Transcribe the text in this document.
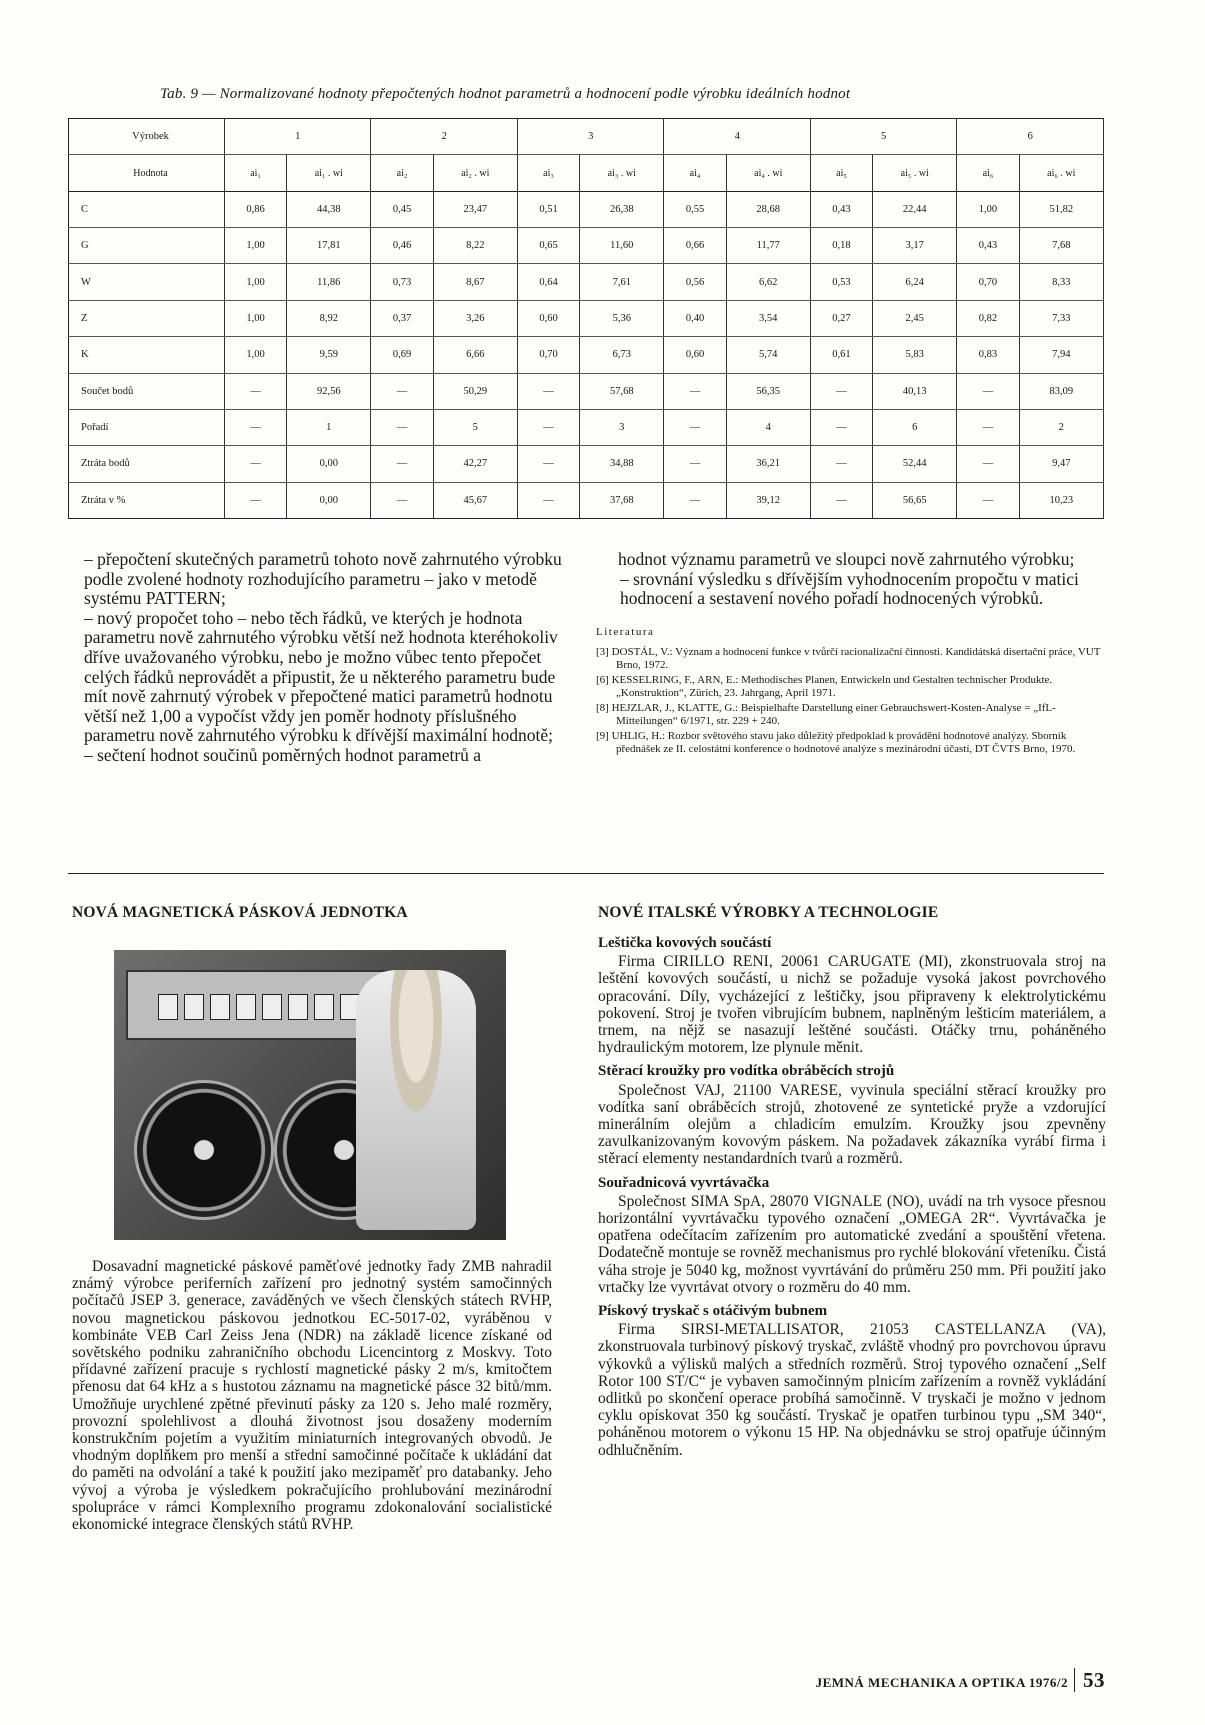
Tab. 9 — Normalizované hodnoty přepočtených hodnot parametrů a hodnocení podle výrobku ideálních hodnot
Výrobek	1		2		3		4		5		6	
Hodnota	ai₁	ai₁ . wi	ai₂	ai₂ . wi	ai₃	ai₃ . wi	ai₄	ai₄ . wi	ai₅	ai₅ . wi	ai₆	ai₆ . wi
C	0,86	44,38	0,45	23,47	0,51	26,38	0,55	28,68	0,43	22,44	1,00	51,82
G	1,00	17,81	0,46	8,22	0,65	11,60	0,66	11,77	0,18	3,17	0,43	7,68
W	1,00	11,86	0,73	8,67	0,64	7,61	0,56	6,62	0,53	6,24	0,70	8,33
Z	1,00	8,92	0,37	3,26	0,60	5,36	0,40	3,54	0,27	2,45	0,82	7,33
K	1,00	9,59	0,69	6,66	0,70	6,73	0,60	5,74	0,61	5,83	0,83	7,94
Součet bodů	—	92,56	—	50,29	—	57,68	—	56,35	—	40,13	—	83,09
Pořadí	—	1	—	5	—	3	—	4	—	6	—	2
Ztráta bodů	—	0,00	—	42,27	—	34,88	—	36,21	—	52,44	—	9,47
Ztráta v %	—	0,00	—	45,67	—	37,68	—	39,12	—	56,65	—	10,23

– přepočtení skutečných parametrů tohoto nově zahrnutého výrobku podle zvolené hodnoty rozhodujícího parametru – jako v metodě systému PATTERN;

– nový propočet toho – nebo těch řádků, ve kterých je hodnota parametru nově zahrnutého výrobku větší než hodnota kteréhokoliv dříve uvažovaného výrobku, nebo je možno vůbec tento přepočet celých řádků neprovádět a připustit, že u některého parametru bude mít nově zahrnutý výrobek v přepočtené matici parametrů hodnotu větší než 1,00 a vypočíst vždy jen poměr hodnoty příslušného parametru nově zahrnutého výrobku k dřívější maximální hodnotě;

– sečtení hodnot součinů poměrných hodnot parametrů a

hodnot významu parametrů ve sloupci nově zahrnutého výrobku;

– srovnání výsledku s dřívějším vyhodnocením propočtu v matici hodnocení a sestavení nového pořadí hodnocených výrobků.

Literatura
[3] DOSTÁL, V.: Význam a hodnocení funkce v tvůrčí racionalizační činnosti. Kandidátská disertační práce, VUT Brno, 1972.
[6] KESSELRING, F., ARN, E.: Methodisches Planen, Entwickeln und Gestalten technischer Produkte. „Konstruktion“, Zürich, 23. Jahrgang, April 1971.
[8] HEJZLAR, J., KLATTE, G.: Beispielhafte Darstellung einer Gebrauchswert-Kosten-Analyse = „IfL-Mitteilungen“ 6/1971, str. 229 + 240.
[9] UHLIG, H.: Rozbor světového stavu jako důležitý předpoklad k provádění hodnotové analýzy. Sborník přednášek ze II. celostátní konference o hodnotové analýze s mezinárodní účastí, DT ČVTS Brno, 1970.
NOVÁ MAGNETICKÁ PÁSKOVÁ JEDNOTKA

Dosavadní magnetické páskové paměťové jednotky řady ZMB nahradil známý výrobce periferních zařízení pro jednotný systém samočinných počítačů JSEP 3. generace, zaváděných ve všech členských státech RVHP, novou magnetickou páskovou jednotkou EC-5017-02, vyráběnou v kombináte VEB Carl Zeiss Jena (NDR) na základě licence získané od sovětského podniku zahraničního obchodu Licencintorg z Moskvy. Toto přídavné zařízení pracuje s rychlostí magnetické pásky 2 m/s, kmitočtem přenosu dat 64 kHz a s hustotou záznamu na magnetické pásce 32 bitů/mm. Umožňuje urychlené zpětné převinutí pásky za 120 s. Jeho malé rozměry, provozní spolehlivost a dlouhá životnost jsou dosaženy moderním konstrukčním pojetím a využitím miniaturních integrovaných obvodů. Je vhodným doplňkem pro menší a střední samočinné počítače k ukládání dat do paměti na odvolání a také k použití jako mezipaměť pro databanky. Jeho vývoj a výroba je výsledkem pokračujícího prohlubování mezinárodní spolupráce v rámci Komplexního programu zdokonalování socialistické ekonomické integrace členských států RVHP.

NOVÉ ITALSKÉ VÝROBKY A TECHNOLOGIE
Leštička kovových součástí

Firma CIRILLO RENI, 20061 CARUGATE (MI), zkonstruovala stroj na leštění kovových součástí, u nichž se požaduje vysoká jakost povrchového opracování. Díly, vycházející z leštičky, jsou připraveny k elektrolytickému pokovení. Stroj je tvořen vibrujícím bubnem, naplněným lešticím materiálem, a trnem, na nějž se nasazují leštěné součásti. Otáčky trnu, poháněného hydraulickým motorem, lze plynule měnit.

Stěrací kroužky pro vodítka obráběcích strojů

Společnost VAJ, 21100 VARESE, vyvinula speciální stěrací kroužky pro vodítka saní obráběcích strojů, zhotovené ze syntetické pryže a vzdorující minerálním olejům a chladicím emulzím. Kroužky jsou zpevněny zavulkanizovaným kovovým páskem. Na požadavek zákazníka vyrábí firma i stěrací elementy nestandardních tvarů a rozměrů.

Souřadnicová vyvrtávačka

Společnost SIMA SpA, 28070 VIGNALE (NO), uvádí na trh vysoce přesnou horizontální vyvrtávačku typového označení „OMEGA 2R“. Vyvrtávačka je opatřena odečítacím zařízením pro automatické zvedání a spouštění vřetena. Dodatečně montuje se rovněž mechanismus pro rychlé blokování vřeteníku. Čistá váha stroje je 5040 kg, možnost vyvrtávání do průměru 250 mm. Při použití jako vrtačky lze vyvrtávat otvory o rozměru do 40 mm.

Pískový tryskač s otáčivým bubnem

Firma SIRSI-METALLISATOR, 21053 CASTELLANZA (VA), zkonstruovala turbinový pískový tryskač, zvláště vhodný pro povrchovou úpravu výkovků a výlisků malých a středních rozměrů. Stroj typového označení „Self Rotor 100 ST/C“ je vybaven samočinným plnicím zařízením a rovněž vykládání odlitků po skončení operace probíhá samočinně. V tryskači je možno v jednom cyklu opískovat 350 kg součástí. Tryskač je opatřen turbinou typu „SM 340“, poháněnou motorem o výkonu 15 HP. Na objednávku se stroj opatřuje účinným odhlučněním.

JEMNÁ MECHANIKA A OPTIKA 1976/2 53
